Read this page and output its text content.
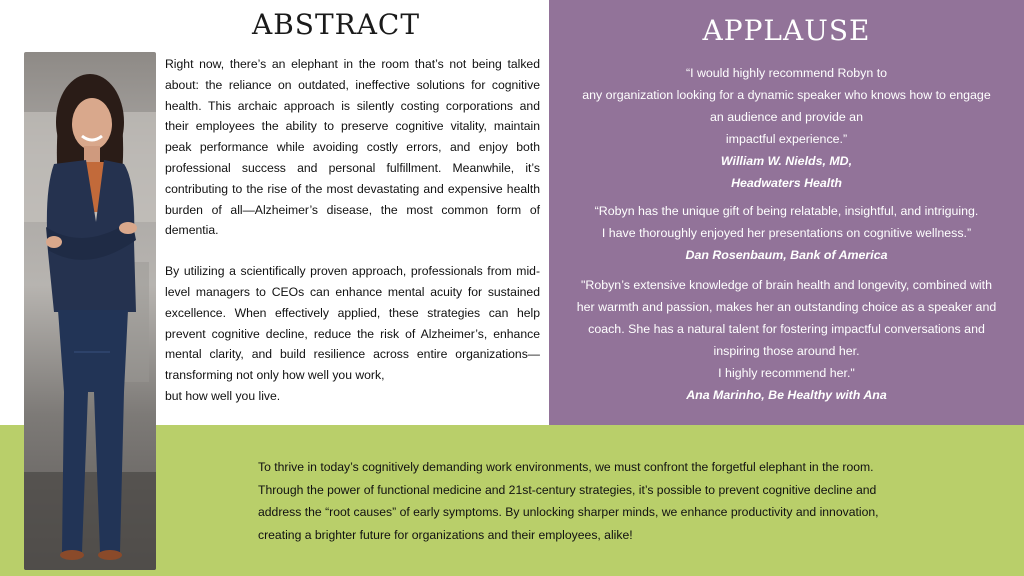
ABSTRACT

Right now, there’s an elephant in the room that’s not being talked about: the reliance on outdated, ineffective solutions for cognitive health. This archaic approach is silently costing corporations and their employees the ability to preserve cognitive vitality, maintain peak performance while avoiding costly errors, and enjoy both professional success and personal fulfillment. Meanwhile, it’s contributing to the rise of the most devastating and expensive health burden of all—Alzheimer’s disease, the most common form of dementia.

By utilizing a scientifically proven approach, professionals from mid-level managers to CEOs can enhance mental acuity for sustained excellence. When effectively applied, these strategies can help prevent cognitive decline, reduce the risk of Alzheimer’s, enhance mental clarity, and build resilience across entire organizations— transforming not only how well you work,

but how well you live.

APPLAUSE
“I would highly recommend Robyn to
any organization looking for a dynamic speaker who knows how to engage
an audience and provide an
impactful experience.”
William W. Nields, MD,
Headwaters Health
“Robyn has the unique gift of being relatable, insightful, and intriguing.
I have thoroughly enjoyed her presentations on cognitive wellness.”
Dan Rosenbaum, Bank of America
"Robyn’s extensive knowledge of brain health and longevity, combined with
her warmth and passion, makes her an outstanding choice as a speaker and
coach. She has a natural talent for fostering impactful conversations and
inspiring those around her.
I highly recommend her."
Ana Marinho, Be Healthy with Ana
To thrive in today’s cognitively demanding work environments, we must confront the forgetful elephant in the room. Through the power of functional medicine and 21st-century strategies, it’s possible to prevent cognitive decline and address the “root causes” of early symptoms. By unlocking sharper minds, we enhance productivity and innovation, creating a brighter future for organizations and their employees, alike!
